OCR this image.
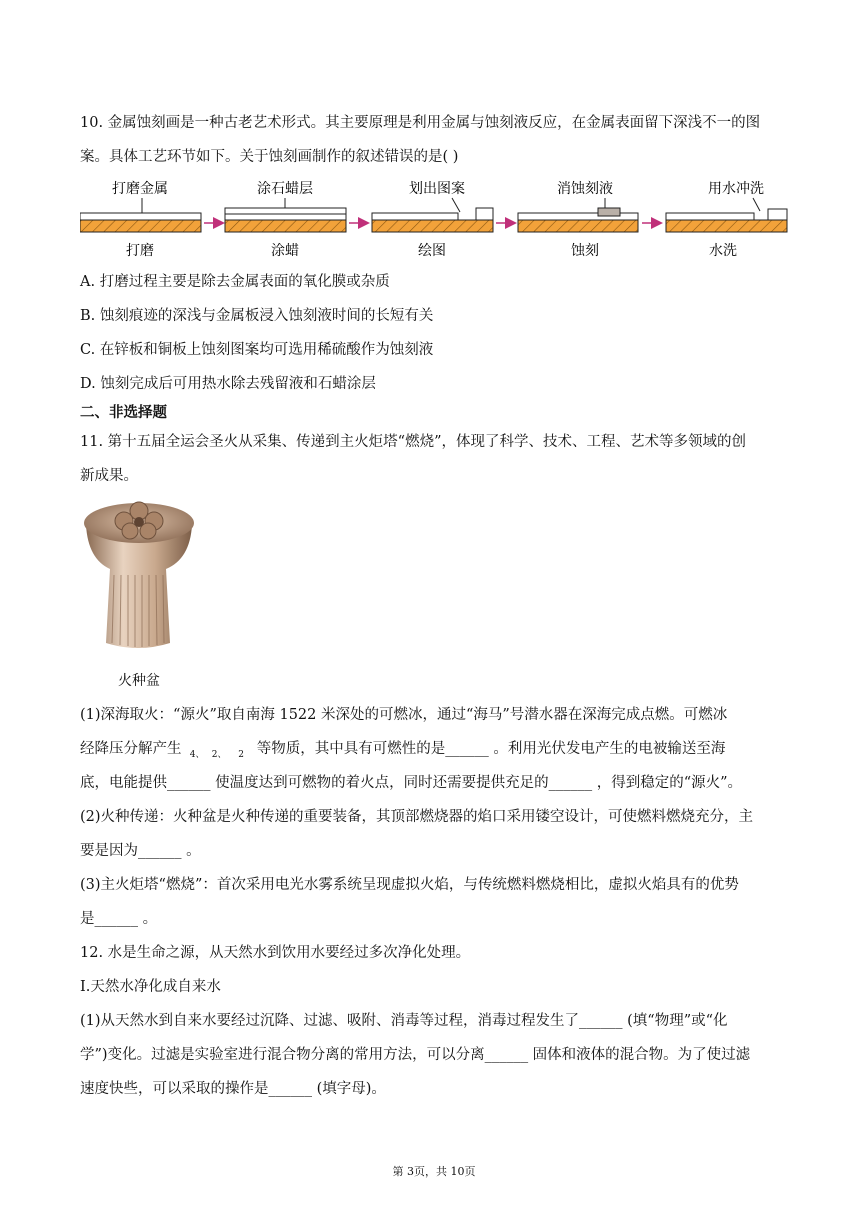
10. 金属蚀刻画是一种古老艺术形式。其主要原理是利用金属与蚀刻液反应，在金属表面留下深浅不一的图

案。具体工艺环节如下。关于蚀刻画制作的叙述错误的是( )

打磨金属
打磨
涂石蜡层
涂蜡
划出图案
绘图
消蚀刻液
蚀刻
用水冲洗
水洗

A. 打磨过程主要是除去金属表面的氧化膜或杂质

B. 蚀刻痕迹的深浅与金属板浸入蚀刻液时间的长短有关

C. 在锌板和铜板上蚀刻图案均可选用稀硫酸作为蚀刻液

D. 蚀刻完成后可用热水除去残留液和石蜡涂层

二、非选择题

11. 第十五届全运会圣火从采集、传递到主火炬塔“燃烧”，体现了科学、技术、工程、艺术等多领域的创

新成果。

火种盆

(1)深海取火：“源火”取自南海 1522 米深处的可燃冰，通过“海马”号潜水器在深海完成点燃。可燃冰

经降压分解产生 4、 2、 2 等物质，其中具有可燃性的是______ 。利用光伏发电产生的电被输送至海

底，电能提供______ 使温度达到可燃物的着火点，同时还需要提供充足的______ ，得到稳定的“源火”。

(2)火种传递：火种盆是火种传递的重要装备，其顶部燃烧器的焰口采用镂空设计，可使燃料燃烧充分，主

要是因为______ 。

(3)主火炬塔“燃烧”：首次采用电光水雾系统呈现虚拟火焰，与传统燃料燃烧相比，虚拟火焰具有的优势

是______ 。

12. 水是生命之源，从天然水到饮用水要经过多次净化处理。

I.天然水净化成自来水

(1)从天然水到自来水要经过沉降、过滤、吸附、消毒等过程，消毒过程发生了______ (填“物理”或“化

学”)变化。过滤是实验室进行混合物分离的常用方法，可以分离______ 固体和液体的混合物。为了使过滤

速度快些，可以采取的操作是______ (填字母)。

第 3页，共 10页
